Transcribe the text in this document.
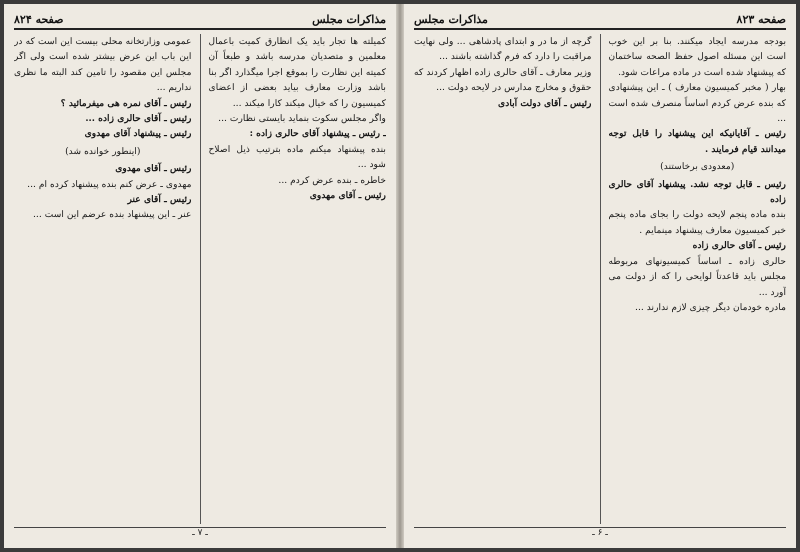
صفحه ۸۲۴	مذاکرات مجلس

کمیلته ها تجار باید یک انظارق کمیت باعمال معلمین و متصدیان مدرسه باشد و طبعاً آن کمیته این نظارت را بموقع اجرا میگذارد اگر بنا باشد وزارت معارف بیاید بعضی از اعضای کمیسیون را که خیال میکند کارا میکند ...

واگر مجلس سکوت بنماید بایستی نظارت ...

ـ رئیس ـ پیشنهاد آقای حالری زاده :

بنده پیشنهاد میکنم ماده بترتیب ذیل اصلاح شود ...

خاطره ـ بنده عرض کردم ...

رئیس ـ آقای مهدوی

عمومی وزارتخانه محلی بیست این است که در این باب این عرض بیشتر شده است ولی اگر مجلس این مقصود را تامین کند البته ما نظری نداریم ...

رئیس ـ آقای نمره هی میفرمائید ؟

رئیس ـ آقای حالری زاده ...

رئیس ـ پیشنهاد آقای مهدوی

(اینطور خوانده شد)

رئیس ـ آقای مهدوی

مهدوی ـ عرض کنم بنده پیشنهاد کرده ام ...

رئیس ـ آقای عنر

عنر ـ این پیشنهاد بنده عرضم این است ...

ـ ۷ ـ
مذاکرات مجلس	صفحه ۸۲۳

بودجه مدرسه ایجاد میکنند. بنا بر این خوب است این مسئله اصول حفظ الصحه ساختمان که پیشنهاد شده است در ماده مراعات شود.

بهار ( مخبر کمیسیون معارف ) ـ این پیشنهادی که بنده عرض کردم اساساً منصرف شده است ...

رئیس ـ آقایانیکه این پیشنهاد را قابل توجه میدانند قیام فرمایند .

(معدودی برخاستند)

رئیس ـ قابل توجه نشد. پیشنهاد آقای حالری زاده

بنده ماده پنجم لایحه دولت را بجای ماده پنجم خبر کمیسیون معارف پیشنهاد مینمایم .

رئیس ـ آقای حالری زاده

حالری زاده ـ اساساً کمیسیونهای مربوطه مجلس باید قاعدتاً لوایحی را که از دولت می آورد ...

مادره خودمان دیگر چیزی لازم ندارند ...

گرچه از ما در و ابتدای پادشاهی ... ولی نهایت مراقبت را دارد که فرم گذاشته باشند ...

وزیر معارف ـ آقای حالری زاده اظهار کردند که حقوق و مخارج مدارس در لایحه دولت ...

رئیس ـ آقای دولت آبادی

ـ ۶ ـ
